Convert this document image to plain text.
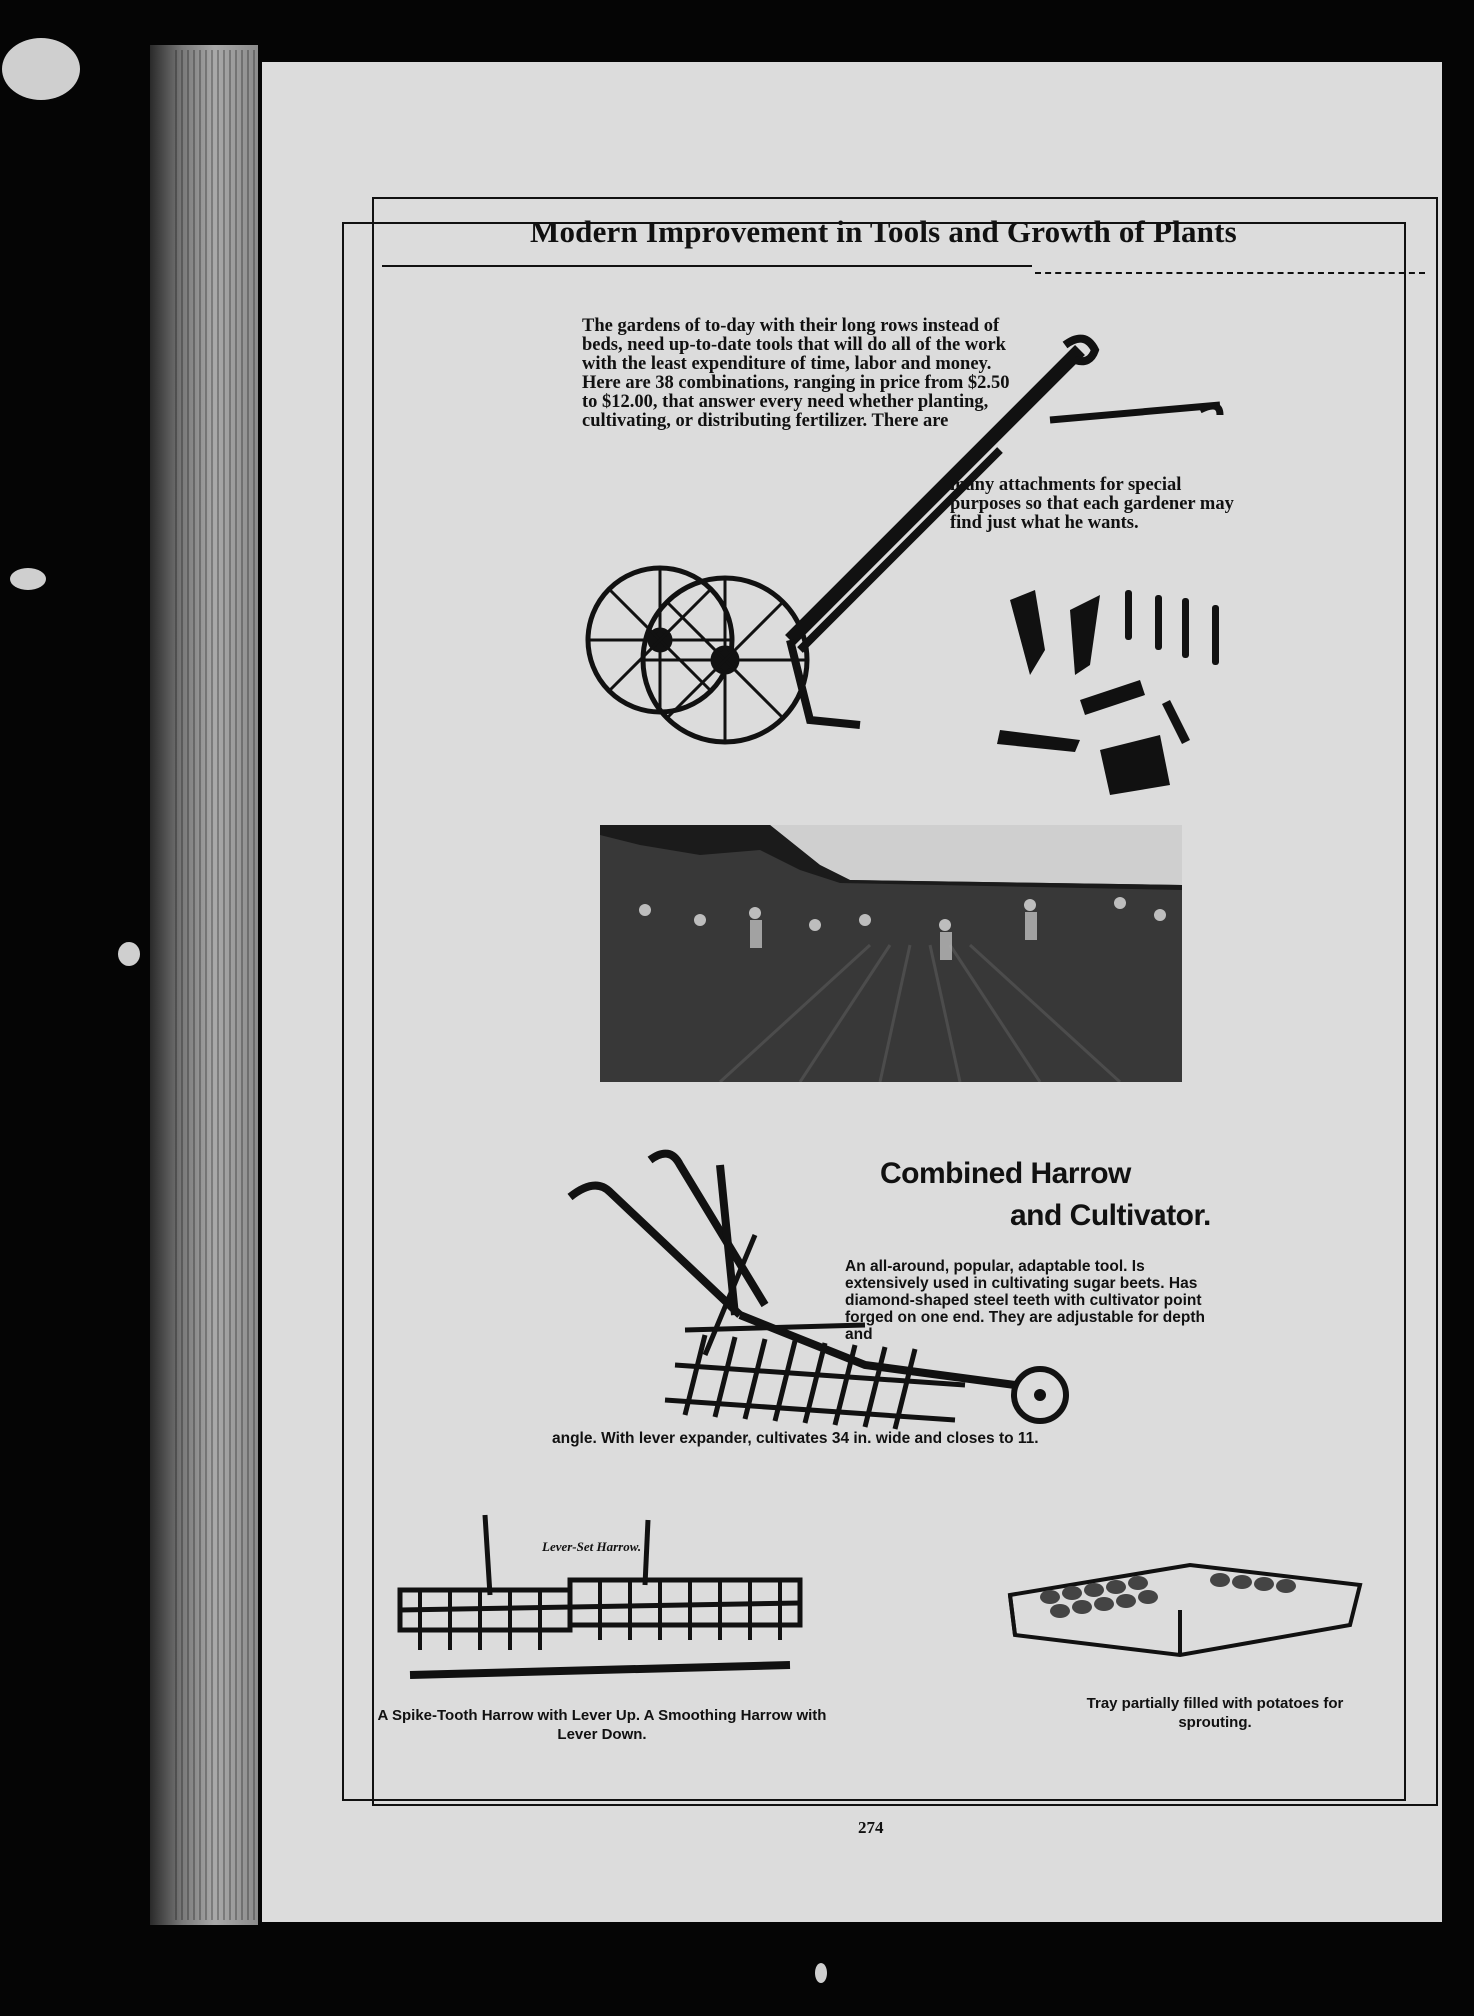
Modern Improvement in Tools and Growth of Plants
The gardens of to-day with their long rows instead of beds, need up-to-date tools that will do all of the work with the least expenditure of time, labor and money. Here are 38 combinations, ranging in price from $2.50 to $12.00, that answer every need whether planting, cultivating, or distributing fertilizer. There are
many attachments for special purposes so that each gardener may find just what he wants.
Combined Harrow
and Cultivator.
An all-around, popular, adaptable tool. Is extensively used in cultivating sugar beets. Has diamond-shaped steel teeth with cultivator point forged on one end. They are adjustable for depth and
angle. With lever expander, cultivates 34 in. wide and closes to 11.
Lever-Set Harrow.
A Spike-Tooth Harrow with Lever Up. A Smoothing Harrow with Lever Down.
Tray partially filled with potatoes for sprouting.
274
